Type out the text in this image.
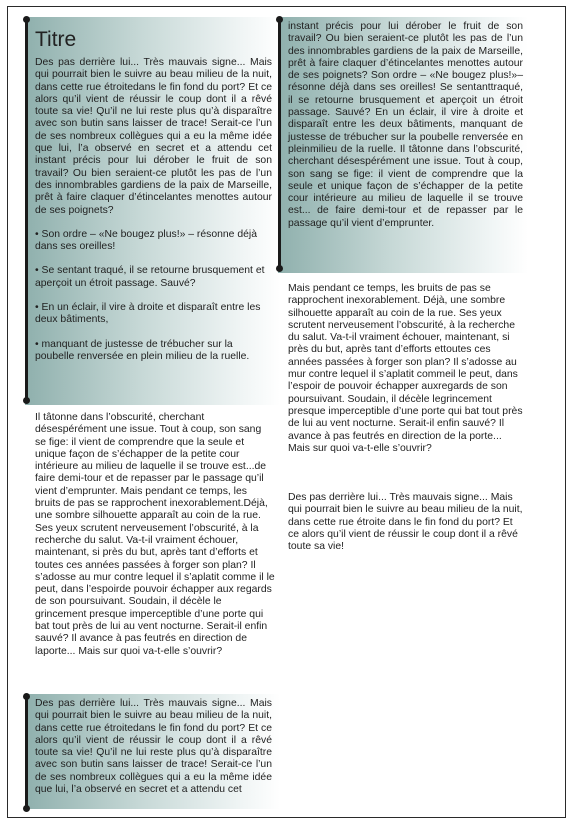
Titre

Des pas derrière lui... Très mauvais signe... Mais qui pourrait bien le suivre au beau milieu de la nuit, dans cette rue étroitedans le fin fond du port? Et ce alors qu’il vient de réussir le coup dont il a rêvé toute sa vie! Qu’il ne lui reste plus qu’à disparaître avec son butin sans laisser de trace! Serait-ce l’un de ses nombreux collègues qui a eu la même idée que lui, l’a observé en secret et a attendu cet instant précis pour lui dérober le fruit de son travail? Ou bien seraient-ce plutôt les pas de l’un des innombrables gardiens de la paix de Marseille, prêt à faire claquer d’étincelantes menottes autour de ses poignets?

• Son ordre – «Ne bougez plus!» – résonne déjà dans ses oreilles!

• Se sentant traqué, il se retourne brusquement et aperçoit un étroit passage. Sauvé?

• En un éclair, il vire à droite et disparaît entre les deux bâtiments,

• manquant de justesse de trébucher sur la poubelle renversée en plein milieu de la ruelle.

Il tâtonne dans l’obscurité, cherchant désespérément une issue. Tout à coup, son sang se fige: il vient de comprendre que la seule et unique façon de s’échapper de la petite cour intérieure au milieu de laquelle il se trouve est...de faire demi-tour et de repasser par le passage qu’il vient d’emprunter. Mais pendant ce temps, les bruits de pas se rapprochent inexorablement.Déjà, une sombre silhouette apparaît au coin de la rue. Ses yeux scrutent nerveusement l’obscurité, à la recherche du salut. Va-t-il vraiment échouer, maintenant, si près du but, après tant d’efforts et toutes ces années passées à forger son plan? Il s’adosse au mur contre lequel il s’aplatit comme il le peut, dans l’espoirde pouvoir échapper aux regards de son poursuivant. Soudain, il décèle le grincement presque imperceptible d’une porte qui bat tout près de lui au vent nocturne. Serait-il enfin sauvé? Il avance à pas feutrés en direction de laporte... Mais sur quoi va-t-elle s’ouvrir?
Des pas derrière lui... Très mauvais signe... Mais qui pourrait bien le suivre au beau milieu de la nuit, dans cette rue étroitedans le fin fond du port? Et ce alors qu’il vient de réussir le coup dont il a rêvé toute sa vie! Qu’il ne lui reste plus qu’à disparaître avec son butin sans laisser de trace! Serait-ce l’un de ses nombreux collègues qui a eu la même idée que lui, l’a observé en secret et a attendu cet
instant précis pour lui dérober le fruit de son travail? Ou bien seraient-ce plutôt les pas de l’un des innombrables gardiens de la paix de Marseille, prêt à faire claquer d’étincelantes menottes autour de ses poignets? Son ordre – «Ne bougez plus!»– résonne déjà dans ses oreilles! Se sentanttraqué, il se retourne brusquement et aperçoit un étroit passage. Sauvé? En un éclair, il vire à droite et disparaît entre les deux bâtiments, manquant de justesse de trébucher sur la poubelle renversée en pleinmilieu de la ruelle. Il tâtonne dans l’obscurité, cherchant désespérément une issue. Tout à coup, son sang se fige: il vient de comprendre que la seule et unique façon de s’échapper de la petite cour intérieure au milieu de laquelle il se trouve est... de faire demi-tour et de repasser par le passage qu’il vient d’emprunter.
Mais pendant ce temps, les bruits de pas se rapprochent inexorablement. Déjà, une sombre silhouette apparaît au coin de la rue. Ses yeux scrutent nerveusement l’obscurité, à la recherche du salut. Va-t-il vraiment échouer, maintenant, si près du but, après tant d’efforts ettoutes ces années passées à forger son plan? Il s’adosse au mur contre lequel il s’aplatit commeil le peut, dans l’espoir de pouvoir échapper auxregards de son poursuivant. Soudain, il décèle legrincement presque imperceptible d’une porte qui bat tout près de lui au vent nocturne. Serait-il enfin sauvé? Il avance à pas feutrés en direction de la porte... Mais sur quoi va-t-elle s’ouvrir?
Des pas derrière lui... Très mauvais signe... Mais qui pourrait bien le suivre au beau milieu de la nuit, dans cette rue étroite dans le fin fond du port? Et ce alors qu’il vient de réussir le coup dont il a rêvé toute sa vie!
